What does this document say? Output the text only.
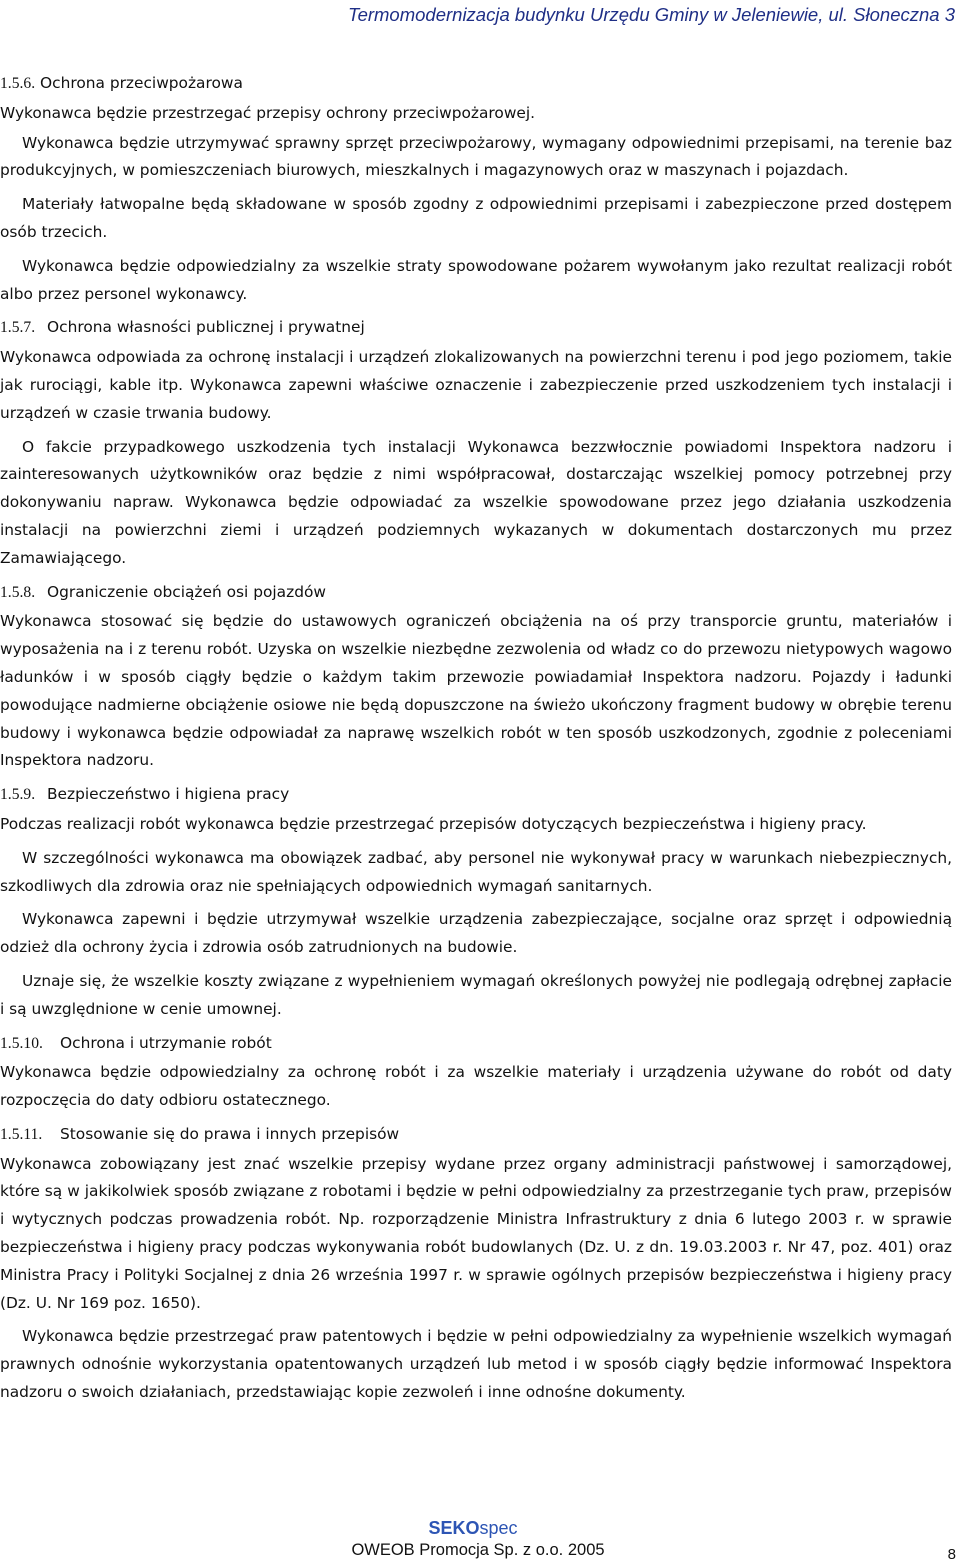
Termomodernizacja budynku Urzędu Gminy w Jeleniewie, ul. Słoneczna 3
1.5.6. Ochrona przeciwpożarowa

Wykonawca będzie przestrzegać przepisy ochrony przeciwpożarowej.

Wykonawca będzie utrzymywać sprawny sprzęt przeciwpożarowy, wymagany odpowiednimi przepisami, na terenie baz produkcyjnych, w pomieszczeniach biurowych, mieszkalnych i magazynowych oraz w maszynach i pojazdach.

Materiały łatwopalne będą składowane w sposób zgodny z odpowiednimi przepisami i zabezpieczone przed dostępem osób trzecich.

Wykonawca będzie odpowiedzialny za wszelkie straty spowodowane pożarem wywołanym jako rezultat realizacji robót albo przez personel wykonawcy.

1.5.7. Ochrona własności publicznej i prywatnej

Wykonawca odpowiada za ochronę instalacji i urządzeń zlokalizowanych na powierzchni terenu i pod jego poziomem, takie jak rurociągi, kable itp. Wykonawca zapewni właściwe oznaczenie i zabezpieczenie przed uszkodzeniem tych instalacji i urządzeń w czasie trwania budowy.

O fakcie przypadkowego uszkodzenia tych instalacji Wykonawca bezzwłocznie powiadomi Inspektora nadzoru i zainteresowanych użytkowników oraz będzie z nimi współpracował, dostarczając wszelkiej pomocy potrzebnej przy dokonywaniu napraw. Wykonawca będzie odpowiadać za wszelkie spowodowane przez jego działania uszkodzenia instalacji na powierzchni ziemi i urządzeń podziemnych wykazanych w dokumentach dostarczonych mu przez Zamawiającego.

1.5.8. Ograniczenie obciążeń osi pojazdów

Wykonawca stosować się będzie do ustawowych ograniczeń obciążenia na oś przy transporcie gruntu, materiałów i wyposażenia na i z terenu robót. Uzyska on wszelkie niezbędne zezwolenia od władz co do przewozu nietypowych wagowo ładunków i w sposób ciągły będzie o każdym takim przewozie powiadamiał Inspektora nadzoru. Pojazdy i ładunki powodujące nadmierne obciążenie osiowe nie będą dopuszczone na świeżo ukończony fragment budowy w obrębie terenu budowy i wykonawca będzie odpowiadał za naprawę wszelkich robót w ten sposób uszkodzonych, zgodnie z poleceniami Inspektora nadzoru.

1.5.9. Bezpieczeństwo i higiena pracy

Podczas realizacji robót wykonawca będzie przestrzegać przepisów dotyczących bezpieczeństwa i higieny pracy.

W szczególności wykonawca ma obowiązek zadbać, aby personel nie wykonywał pracy w warunkach niebezpiecznych, szkodliwych dla zdrowia oraz nie spełniających odpowiednich wymagań sanitarnych.

Wykonawca zapewni i będzie utrzymywał wszelkie urządzenia zabezpieczające, socjalne oraz sprzęt i odpowiednią odzież dla ochrony życia i zdrowia osób zatrudnionych na budowie.

Uznaje się, że wszelkie koszty związane z wypełnieniem wymagań określonych powyżej nie podlegają odrębnej zapłacie i są uwzględnione w cenie umownej.

1.5.10. Ochrona i utrzymanie robót

Wykonawca będzie odpowiedzialny za ochronę robót i za wszelkie materiały i urządzenia używane do robót od daty rozpoczęcia do daty odbioru ostatecznego.

1.5.11. Stosowanie się do prawa i innych przepisów

Wykonawca zobowiązany jest znać wszelkie przepisy wydane przez organy administracji państwowej i samorządowej, które są w jakikolwiek sposób związane z robotami i będzie w pełni odpowiedzialny za przestrzeganie tych praw, przepisów i wytycznych podczas prowadzenia robót. Np. rozporządzenie Ministra Infrastruktury z dnia 6 lutego 2003 r. w sprawie bezpieczeństwa i higieny pracy podczas wykonywania robót budowlanych (Dz. U. z dn. 19.03.2003 r. Nr 47, poz. 401) oraz Ministra Pracy i Polityki Socjalnej z dnia 26 września 1997 r. w sprawie ogólnych przepisów bezpieczeństwa i higieny pracy (Dz. U. Nr 169 poz. 1650).

Wykonawca będzie przestrzegać praw patentowych i będzie w pełni odpowiedzialny za wypełnienie wszelkich wymagań prawnych odnośnie wykorzystania opatentowanych urządzeń lub metod i w sposób ciągły będzie informować Inspektora nadzoru o swoich działaniach, przedstawiając kopie zezwoleń i inne odnośne dokumenty.

SEKOspec
OWEOB Promocja Sp. z o.o. 2005	8
